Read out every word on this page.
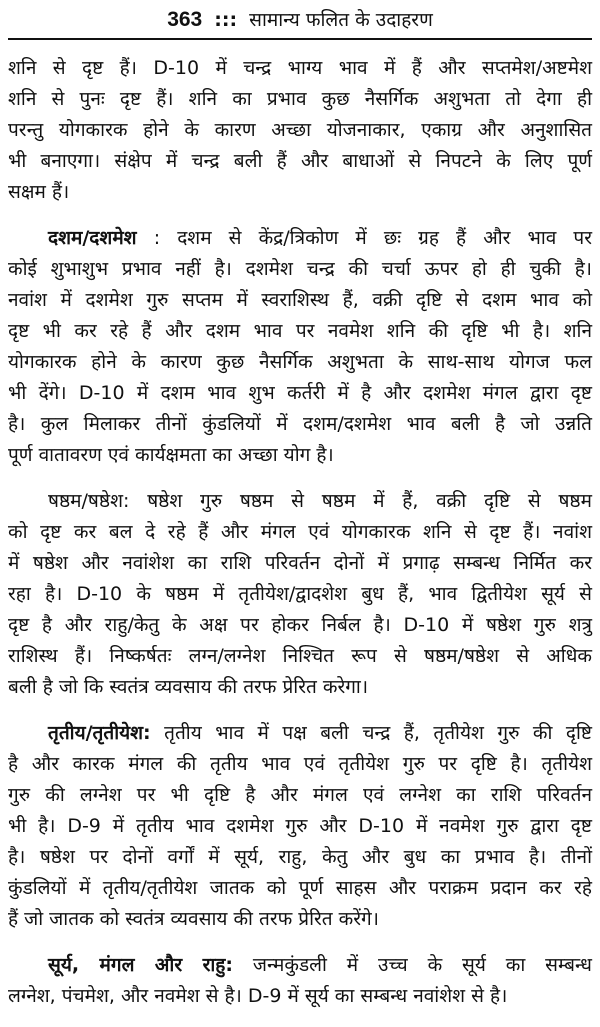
363 ::: सामान्य फलित के उदाहरण
शनि से दृष्ट हैं। D-10 में चन्द्र भाग्य भाव में हैं और सप्तमेश/अष्टमेश
शनि से पुनः दृष्ट हैं। शनि का प्रभाव कुछ नैसर्गिक अशुभता तो देगा ही
परन्तु योगकारक होने के कारण अच्छा योजनाकार, एकाग्र और अनुशासित
भी बनाएगा। संक्षेप में चन्द्र बली हैं और बाधाओं से निपटने के लिए पूर्ण
सक्षम हैं।
दशम/दशमेश : दशम से केंद्र/त्रिकोण में छः ग्रह हैं और भाव पर
कोई शुभाशुभ प्रभाव नहीं है। दशमेश चन्द्र की चर्चा ऊपर हो ही चुकी है।
नवांश में दशमेश गुरु सप्तम में स्वराशिस्थ हैं, वक्री दृष्टि से दशम भाव को
दृष्ट भी कर रहे हैं और दशम भाव पर नवमेश शनि की दृष्टि भी है। शनि
योगकारक होने के कारण कुछ नैसर्गिक अशुभता के साथ-साथ योगज फल
भी देंगे। D-10 में दशम भाव शुभ कर्तरी में है और दशमेश मंगल द्वारा दृष्ट
है। कुल मिलाकर तीनों कुंडलियों में दशम/दशमेश भाव बली है जो उन्नति
पूर्ण वातावरण एवं कार्यक्षमता का अच्छा योग है।
षष्ठम/षष्ठेश: षष्ठेश गुरु षष्ठम से षष्ठम में हैं, वक्री दृष्टि से षष्ठम
को दृष्ट कर बल दे रहे हैं और मंगल एवं योगकारक शनि से दृष्ट हैं। नवांश
में षष्ठेश और नवांशेश का राशि परिवर्तन दोनों में प्रगाढ़ सम्बन्ध निर्मित कर
रहा है। D-10 के षष्ठम में तृतीयेश/द्वादशेश बुध हैं, भाव द्वितीयेश सूर्य से
दृष्ट है और राहु/केतु के अक्ष पर होकर निर्बल है। D-10 में षष्ठेश गुरु शत्रु
राशिस्थ हैं। निष्कर्षतः लग्न/लग्नेश निश्चित रूप से षष्ठम/षष्ठेश से अधिक
बली है जो कि स्वतंत्र व्यवसाय की तरफ प्रेरित करेगा।
तृतीय/तृतीयेश: तृतीय भाव में पक्ष बली चन्द्र हैं, तृतीयेश गुरु की दृष्टि
है और कारक मंगल की तृतीय भाव एवं तृतीयेश गुरु पर दृष्टि है। तृतीयेश
गुरु की लग्नेश पर भी दृष्टि है और मंगल एवं लग्नेश का राशि परिवर्तन
भी है। D-9 में तृतीय भाव दशमेश गुरु और D-10 में नवमेश गुरु द्वारा दृष्ट
है। षष्ठेश पर दोनों वर्गों में सूर्य, राहु, केतु और बुध का प्रभाव है। तीनों
कुंडलियों में तृतीय/तृतीयेश जातक को पूर्ण साहस और पराक्रम प्रदान कर रहे
हैं जो जातक को स्वतंत्र व्यवसाय की तरफ प्रेरित करेंगे।
सूर्य, मंगल और राहु: जन्मकुंडली में उच्च के सूर्य का सम्बन्ध
लग्नेश, पंचमेश, और नवमेश से है। D-9 में सूर्य का सम्बन्ध नवांशेश से है।
